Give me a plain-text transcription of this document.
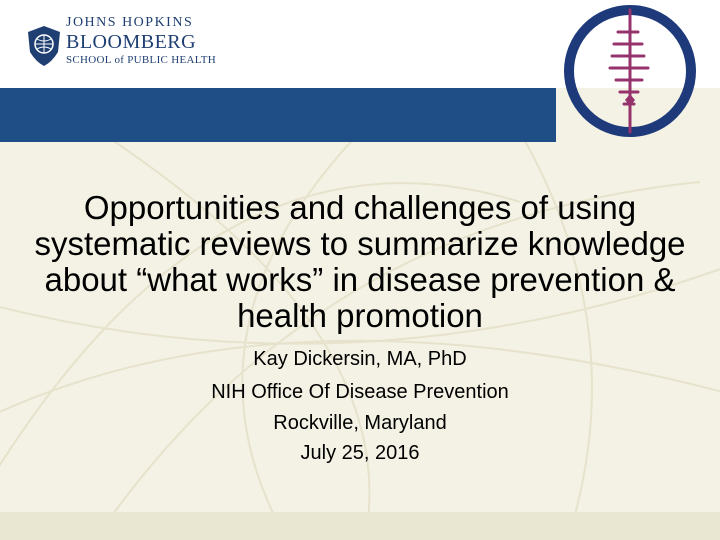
JOHNS HOPKINS
BLOOMBERG
SCHOOL of PUBLIC HEALTH
Opportunities and challenges of using systematic reviews to summarize knowledge about “what works” in disease prevention & health promotion

Kay Dickersin, MA, PhD

NIH Office Of Disease Prevention

Rockville, Maryland

July 25, 2016
